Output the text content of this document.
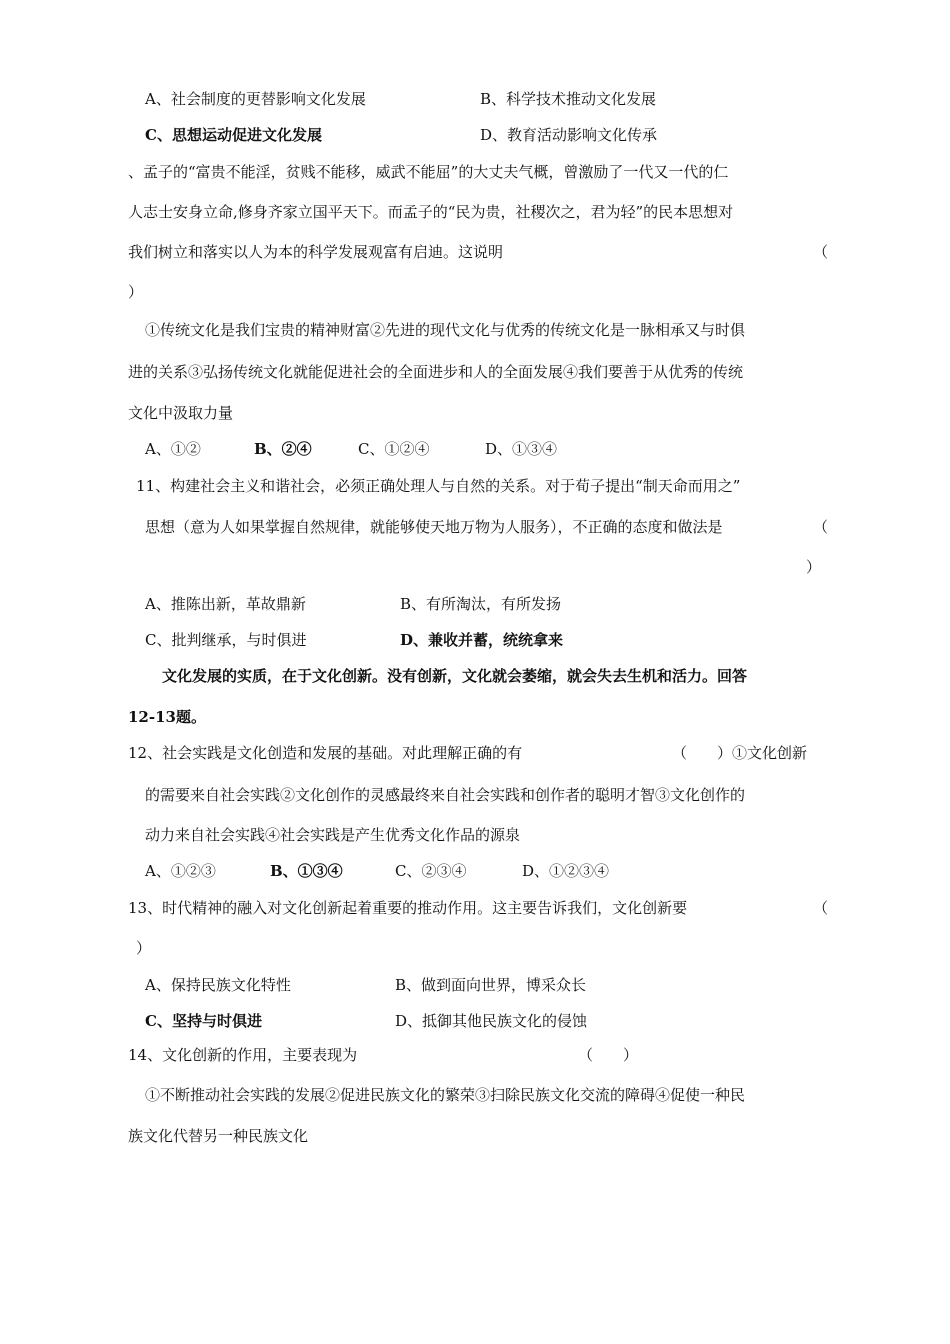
A、社会制度的更替影响文化发展	B、科学技术推动文化发展
C、思想运动促进文化发展	D、教育活动影响文化传承
、孟子的“富贵不能淫，贫贱不能移，威武不能屈”的大丈夫气概，曾激励了一代又一代的仁
人志士安身立命,修身齐家立国平天下。而孟子的“民为贵，社稷次之，君为轻”的民本思想对
我们树立和落实以人为本的科学发展观富有启迪。这说明	（
）
①传统文化是我们宝贵的精神财富②先进的现代文化与优秀的传统文化是一脉相承又与时俱
进的关系③弘扬传统文化就能促进社会的全面进步和人的全面发展④我们要善于从优秀的传统
文化中汲取力量
A、①②	B、②④	C、①②④	D、①③④
11、构建社会主义和谐社会，必须正确处理人与自然的关系。对于荀子提出“制天命而用之”
思想（意为人如果掌握自然规律，就能够使天地万物为人服务），不正确的态度和做法是	（
）
A、推陈出新，革故鼎新	B、有所淘汰，有所发扬
C、批判继承，与时俱进	D、兼收并蓄，统统拿来
文化发展的实质，在于文化创新。没有创新，文化就会萎缩，就会失去生机和活力。回答
12-13题。
12、社会实践是文化创造和发展的基础。对此理解正确的有	（　　）①文化创新
的需要来自社会实践②文化创作的灵感最终来自社会实践和创作者的聪明才智③文化创作的
动力来自社会实践④社会实践是产生优秀文化作品的源泉
A、①②③	B、①③④	C、②③④	D、①②③④
13、时代精神的融入对文化创新起着重要的推动作用。这主要告诉我们，文化创新要	（
）
A、保持民族文化特性	B、做到面向世界，博采众长
C、坚持与时俱进	D、抵御其他民族文化的侵蚀
14、文化创新的作用，主要表现为	（　　）
①不断推动社会实践的发展②促进民族文化的繁荣③扫除民族文化交流的障碍④促使一种民
族文化代替另一种民族文化
